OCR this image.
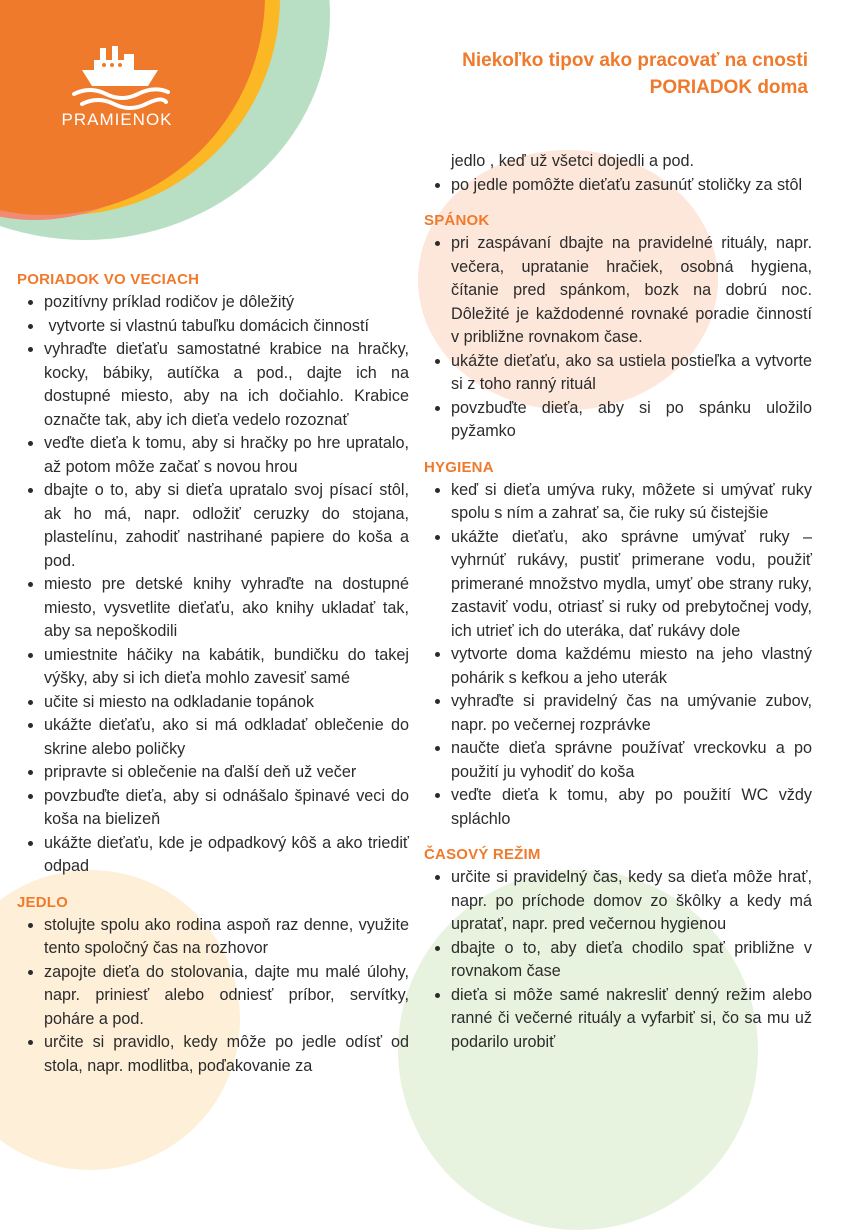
PRAMIENOK
Niekoľko tipov ako pracovať na cnosti
PORIADOK doma
PORIADOK VO VECIACH
• pozitívny príklad rodičov je dôležitý
•  vytvorte si vlastnú tabuľku domácich činností
• vyhraďte dieťaťu samostatné krabice na hračky, kocky, bábiky, autíčka a pod., dajte ich na dostupné miesto, aby na ich dočiahlo. Krabice označte tak, aby ich dieťa vedelo rozoznať
• veďte dieťa k tomu, aby si hračky po hre upratalo, až potom môže začať s novou hrou
• dbajte o to, aby si dieťa upratalo svoj písací stôl, ak ho má, napr. odložiť ceruzky do stojana, plastelínu, zahodiť nastrihané papiere do koša a pod.
• miesto pre detské knihy vyhraďte na dostupné miesto, vysvetlite dieťaťu, ako knihy ukladať tak, aby sa nepoškodili
• umiestnite háčiky na kabátik, bundičku do takej výšky, aby si ich dieťa mohlo zavesiť samé
• učite si miesto na odkladanie topánok
• ukážte dieťaťu, ako si má odkladať oblečenie do skrine alebo poličky
• pripravte si oblečenie na ďalší deň už večer
• povzbuďte dieťa, aby si odnášalo špinavé veci do koša na bielizeň
• ukážte dieťaťu, kde je odpadkový kôš a ako triediť odpad
JEDLO
• stolujte spolu ako rodina aspoň raz denne, využite tento spoločný čas na rozhovor
• zapojte dieťa do stolovania, dajte mu malé úlohy, napr. priniesť alebo odniesť príbor, servítky, poháre a pod.
• určite si pravidlo, kedy môže po jedle odísť od stola, napr. modlitba, poďakovanie za
jedlo , keď už všetci dojedli a pod.
• po jedle pomôžte dieťaťu zasunúť stoličky za stôl
SPÁNOK
• pri zaspávaní dbajte na pravidelné rituály, napr. večera, upratanie hračiek, osobná hygiena, čítanie pred spánkom, bozk na dobrú noc. Dôležité je každodenné rovnaké poradie činností v približne rovnakom čase.
• ukážte dieťaťu, ako sa ustiela postieľka a vytvorte si z toho ranný rituál
• povzbuďte dieťa, aby si po spánku uložilo pyžamko
HYGIENA
• keď si dieťa umýva ruky, môžete si umývať ruky spolu s ním a zahrať sa, čie ruky sú čistejšie
• ukážte dieťaťu, ako správne umývať ruky – vyhrnúť rukávy, pustiť primerane vodu, použiť primerané množstvo mydla, umyť obe strany ruky, zastaviť vodu, otriasť si ruky od prebytočnej vody, ich utrieť ich do uteráka, dať rukávy dole
• vytvorte doma každému miesto na jeho vlastný pohárik s kefkou a jeho uterák
• vyhraďte si pravidelný čas na umývanie zubov, napr. po večernej rozprávke
• naučte dieťa správne používať vreckovku a po použití ju vyhodiť do koša
• veďte dieťa k tomu, aby po použití WC vždy spláchlo
ČASOVÝ REŽIM
• určite si pravidelný čas, kedy sa dieťa môže hrať, napr. po príchode domov zo škôlky a kedy má upratať, napr. pred večernou hygienou
• dbajte o to, aby dieťa chodilo spať približne v rovnakom čase
• dieťa si môže samé nakresliť denný režim alebo ranné či večerné rituály a vyfarbiť si, čo sa mu už podarilo urobiť
